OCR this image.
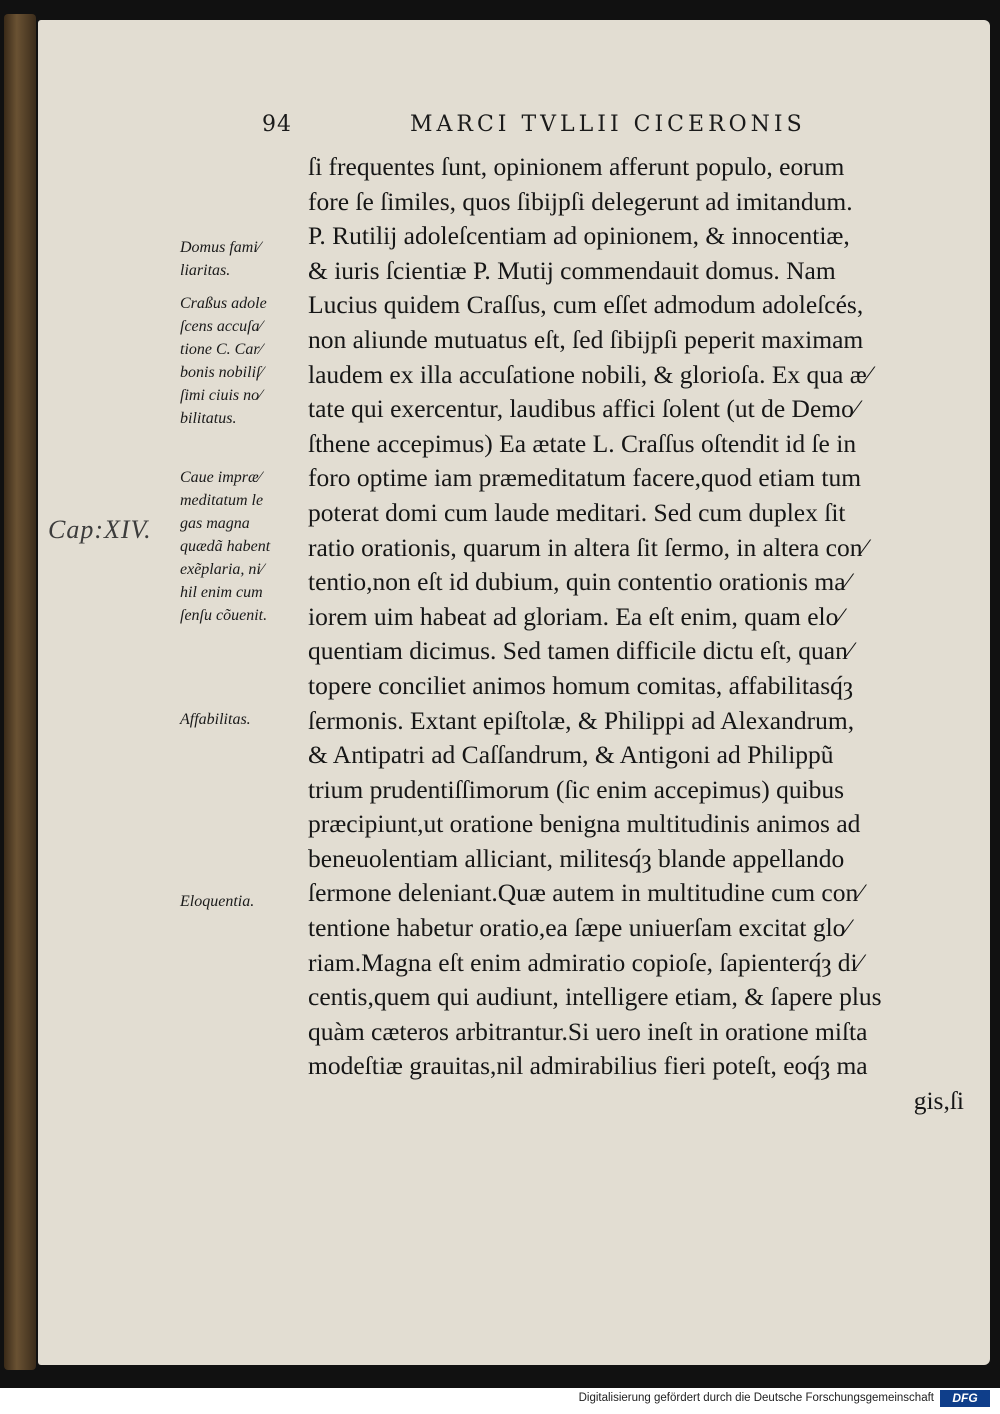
94	MARCI TVLLII CICERONIS
ſi frequentes ſunt, opinionem afferunt populo, eorum
fore ſe ſimiles, quos ſibijpſi delegerunt ad imitandum.
P. Rutilij adoleſcentiam ad opinionem, & innocentiæ,
& iuris ſcientiæ P. Mutij commendauit domus. Nam
Lucius quidem Craſſus, cum eſſet admodum adoleſcés,
non aliunde mutuatus eſt, ſed ſibijpſi peperit maximam
laudem ex illa accuſatione nobili, & glorioſa. Ex qua æ⁄
tate qui exercentur, laudibus affici ſolent (ut de Demo⁄
ſthene accepimus) Ea ætate L. Craſſus oſtendit id ſe in
foro optime iam præmeditatum facere,quod etiam tum
poterat domi cum laude meditari. Sed cum duplex ſit
ratio orationis, quarum in altera ſit ſermo, in altera con⁄
tentio,non eſt id dubium, quin contentio orationis ma⁄
iorem uim habeat ad gloriam. Ea eſt enim, quam elo⁄
quentiam dicimus. Sed tamen difficile dictu eſt, quan⁄
topere conciliet animos homum comitas, affabilitasq́ȝ
ſermonis. Extant epiſtolæ, & Philippi ad Alexandrum,
& Antipatri ad Caſſandrum, & Antigoni ad Philippũ
trium prudentiſſimorum (ſic enim accepimus) quibus
præcipiunt,ut oratione benigna multitudinis animos ad
beneuolentiam alliciant, militesq́ȝ blande appellando
ſermone deleniant.Quæ autem in multitudine cum con⁄
tentione habetur oratio,ea ſæpe uniuerſam excitat glo⁄
riam.Magna eſt enim admiratio copioſe, ſapienterq́ȝ di⁄
centis,quem qui audiunt, intelligere etiam, & ſapere plus
quàm cæteros arbitrantur.Si uero ineſt in oratione miſta
modeſtiæ grauitas,nil admirabilius fieri poteſt, eoq́ȝ ma
gis,ſi
Domus fami⁄
liaritas.
Craßus adole
ſcens accuſa⁄
tione C. Car⁄
bonis nobiliſ⁄
ſimi ciuis no⁄
bilitatus.
Caue impræ⁄
meditatum le
gas magna
quædã habent
exẽplaria, ni⁄
hil enim cum
ſenſu cõuenit.
Affabilitas.
Eloquentia.
Cap:XIV.
Digitalisierung gefördert durch die Deutsche Forschungsgemeinschaft	DFG
